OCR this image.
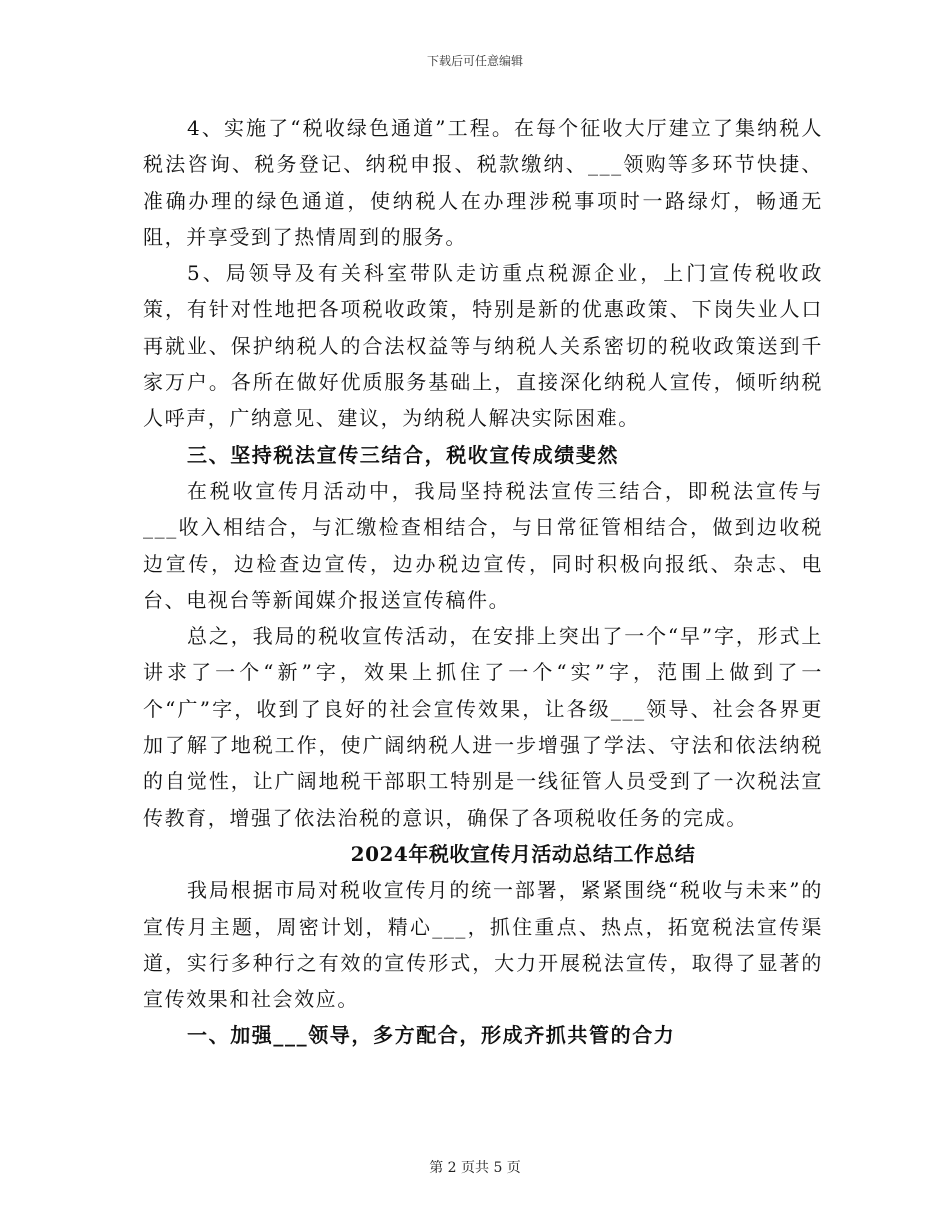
下载后可任意编辑

4、实施了“税收绿色通道”工程。在每个征收大厅建立了集纳税人税法咨询、税务登记、纳税申报、税款缴纳、___领购等多环节快捷、准确办理的绿色通道，使纳税人在办理涉税事项时一路绿灯，畅通无阻，并享受到了热情周到的服务。

5、局领导及有关科室带队走访重点税源企业，上门宣传税收政策，有针对性地把各项税收政策，特别是新的优惠政策、下岗失业人口再就业、保护纳税人的合法权益等与纳税人关系密切的税收政策送到千家万户。各所在做好优质服务基础上，直接深化纳税人宣传，倾听纳税人呼声，广纳意见、建议，为纳税人解决实际困难。

三、坚持税法宣传三结合，税收宣传成绩斐然

在税收宣传月活动中，我局坚持税法宣传三结合，即税法宣传与___收入相结合，与汇缴检查相结合，与日常征管相结合，做到边收税边宣传，边检查边宣传，边办税边宣传，同时积极向报纸、杂志、电台、电视台等新闻媒介报送宣传稿件。

总之，我局的税收宣传活动，在安排上突出了一个“早”字，形式上讲求了一个“新”字，效果上抓住了一个“实”字，范围上做到了一个“广”字，收到了良好的社会宣传效果，让各级___领导、社会各界更加了解了地税工作，使广阔纳税人进一步增强了学法、守法和依法纳税的自觉性，让广阔地税干部职工特别是一线征管人员受到了一次税法宣传教育，增强了依法治税的意识，确保了各项税收任务的完成。

2024年税收宣传月活动总结工作总结

我局根据市局对税收宣传月的统一部署，紧紧围绕“税收与未来”的宣传月主题，周密计划，精心___，抓住重点、热点，拓宽税法宣传渠道，实行多种行之有效的宣传形式，大力开展税法宣传，取得了显著的宣传效果和社会效应。

一、加强___领导，多方配合，形成齐抓共管的合力

第 2 页共 5 页
